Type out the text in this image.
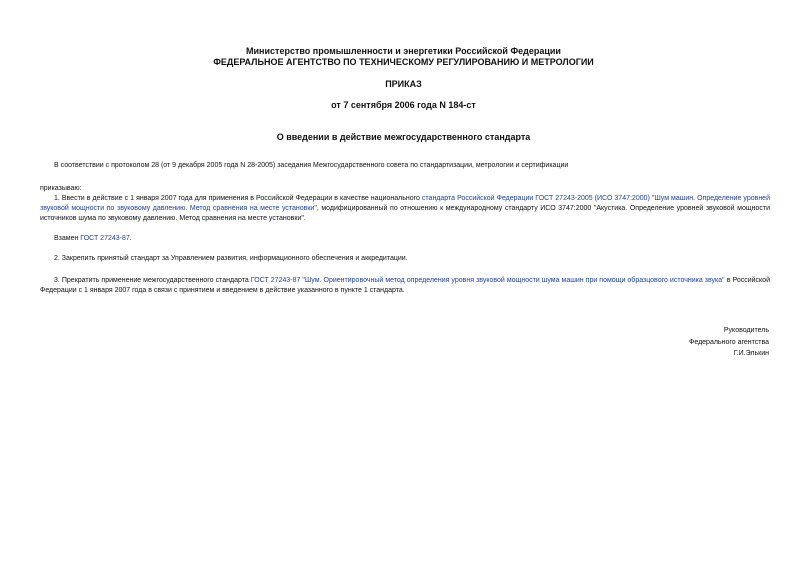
Министерство промышленности и энергетики Российской Федерации
ФЕДЕРАЛЬНОЕ АГЕНТСТВО ПО ТЕХНИЧЕСКОМУ РЕГУЛИРОВАНИЮ И МЕТРОЛОГИИ
ПРИКАЗ
от 7 сентября 2006 года N 184-ст
О введении в действие межгосударственного стандарта
В соответствии с протоколом 28 (от 9 декабря 2005 года N 28-2005) заседания Межгосударственного совета по стандартизации, метрологии и сертификации
приказываю:
1. Ввести в действие с 1 января 2007 года для применения в Российской Федерации в качестве национального стандарта Российской Федерации ГОСТ 27243-2005 (ИСО 3747:2000) "Шум машин. Определение уровней звуковой мощности по звуковому давлению. Метод сравнения на месте установки", модифицированный по отношению к международному стандарту ИСО 3747:2000 "Акустика. Определение уровней звуковой мощности источников шума по звуковому давлению. Метод сравнения на месте установки".
Взамен ГОСТ 27243-87.
2. Закрепить принятый стандарт за Управлением развития, информационного обеспечения и аккредитации.
3. Прекратить применение межгосударственного стандарта ГОСТ 27243-87 "Шум. Ориентировочный метод определения уровня звуковой мощности шума машин при помощи образцового источника звука" в Российской Федерации с 1 января 2007 года в связи с принятием и введением в действие указанного в пункте 1 стандарта.
Руководитель
Федерального агентства
Г.И.Элькин
